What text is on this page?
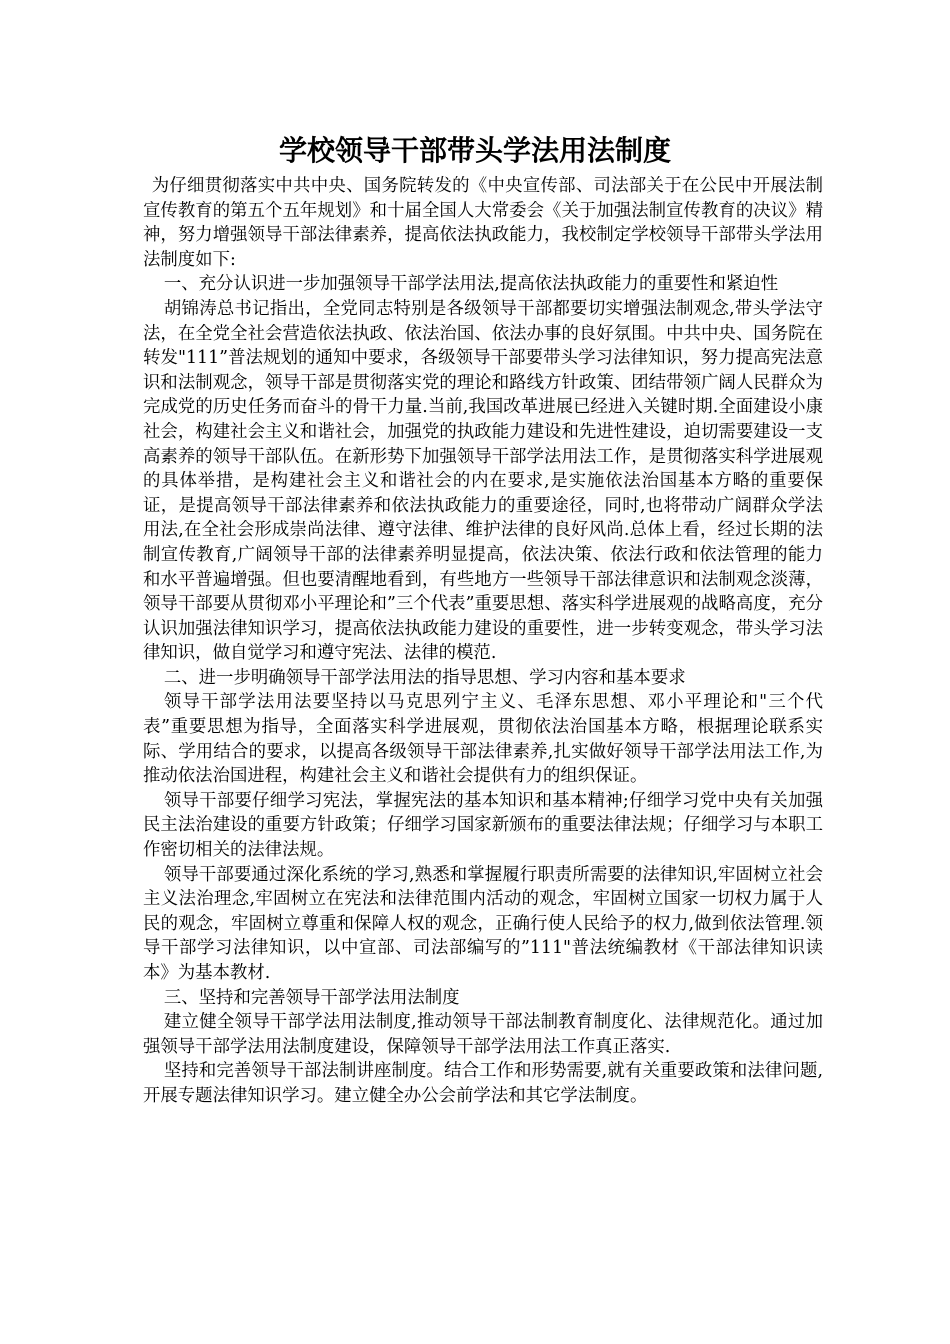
学校领导干部带头学法用法制度

为仔细贯彻落实中共中央、国务院转发的《中央宣传部、司法部关于在公民中开展法制宣传教育的第五个五年规划》和十届全国人大常委会《关于加强法制宣传教育的决议》精神，努力增强领导干部法律素养，提高依法执政能力，我校制定学校领导干部带头学法用法制度如下:

一、充分认识进一步加强领导干部学法用法,提高依法执政能力的重要性和紧迫性

胡锦涛总书记指出，全党同志特别是各级领导干部都要切实增强法制观念,带头学法守法，在全党全社会营造依法执政、依法治国、依法办事的良好氛围。中共中央、国务院在转发"111”普法规划的通知中要求，各级领导干部要带头学习法律知识，努力提高宪法意识和法制观念，领导干部是贯彻落实党的理论和路线方针政策、团结带领广阔人民群众为完成党的历史任务而奋斗的骨干力量.当前,我国改革进展已经进入关键时期.全面建设小康社会，构建社会主义和谐社会，加强党的执政能力建设和先进性建设，迫切需要建设一支高素养的领导干部队伍。在新形势下加强领导干部学法用法工作，是贯彻落实科学进展观的具体举措，是构建社会主义和谐社会的内在要求,是实施依法治国基本方略的重要保证，是提高领导干部法律素养和依法执政能力的重要途径，同时,也将带动广阔群众学法用法,在全社会形成崇尚法律、遵守法律、维护法律的良好风尚.总体上看，经过长期的法制宣传教育,广阔领导干部的法律素养明显提高，依法决策、依法行政和依法管理的能力和水平普遍增强。但也要清醒地看到，有些地方一些领导干部法律意识和法制观念淡薄，领导干部要从贯彻邓小平理论和”三个代表”重要思想、落实科学进展观的战略高度，充分认识加强法律知识学习，提高依法执政能力建设的重要性，进一步转变观念，带头学习法律知识，做自觉学习和遵守宪法、法律的模范.

二、进一步明确领导干部学法用法的指导思想、学习内容和基本要求

领导干部学法用法要坚持以马克思列宁主义、毛泽东思想、邓小平理论和"三个代表”重要思想为指导，全面落实科学进展观，贯彻依法治国基本方略，根据理论联系实际、学用结合的要求，以提高各级领导干部法律素养,扎实做好领导干部学法用法工作,为推动依法治国进程，构建社会主义和谐社会提供有力的组织保证。

领导干部要仔细学习宪法，掌握宪法的基本知识和基本精神;仔细学习党中央有关加强民主法治建设的重要方针政策；仔细学习国家新颁布的重要法律法规；仔细学习与本职工作密切相关的法律法规。

领导干部要通过深化系统的学习,熟悉和掌握履行职责所需要的法律知识,牢固树立社会主义法治理念,牢固树立在宪法和法律范围内活动的观念，牢固树立国家一切权力属于人民的观念，牢固树立尊重和保障人权的观念，正确行使人民给予的权力,做到依法管理.领导干部学习法律知识，以中宣部、司法部编写的”111"普法统编教材《干部法律知识读本》为基本教材.

三、坚持和完善领导干部学法用法制度

建立健全领导干部学法用法制度,推动领导干部法制教育制度化、法律规范化。通过加强领导干部学法用法制度建设，保障领导干部学法用法工作真正落实.

坚持和完善领导干部法制讲座制度。结合工作和形势需要,就有关重要政策和法律问题,开展专题法律知识学习。建立健全办公会前学法和其它学法制度。
